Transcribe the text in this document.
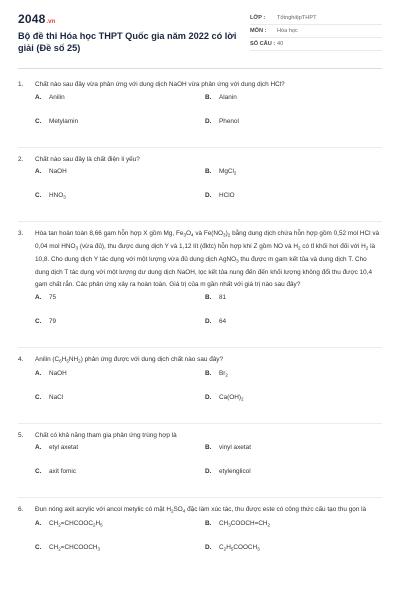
2048 .vn
Bộ đề thi Hóa học THPT Quốc gia năm 2022 có lời giải (Đề số 25)
LỚP :	TốtnghiệpTHPT
MÔN :	Hóa học
SỐ CÂU : 40
1.	Chất nào sau đây vừa phản ứng với dung dịch NaOH vừa phản ứng với dung dịch HCl?
A.	Anilin	B.	Alanin
C.	Metylamin	D.	Phenol
2.	Chất nào sau đây là chất điện li yếu?
A.	NaOH	B.	MgCl$_2$
C.	$HNO_3$	D.	HClO
3.	Hòa tan hoàn toàn 8,66 gam hỗn hợp X gồm Mg, $Fe_3O_4$ và $Fe(NO_3)_2$ bằng dung dịch chứa hỗn hợp gồm 0,52 mol HCl và 0,04 mol $HNO_3$ (vừa đủ), thu được dung dịch Y và 1,12 lít (đktc) hỗn hợp khí Z gồm NO và $H_2$ có tỉ khối hơi đối với $H_2$ là 10,8. Cho dung dịch Y tác dụng với một lượng vừa đủ dung dịch AgNO$_3$ thu được m gam kết tủa và dung dịch T. Cho dung dịch T tác dụng với một lượng dư dung dịch NaOH, lọc kết tủa nung đến đến khối lượng không đổi thu được 10,4 gam chất rắn. Các phản ứng xảy ra hoàn toàn. Giá trị của m gần nhất với giá trị nào sau đây?
A.	75	B.	81
C.	79	D.	64
4.	Anilin $(C_6H_5NH_2)$ phản ứng được với dung dịch chất nào sau đây?
A.	NaOH	B.	$Br_2$
C.	NaCl	D.	$Ca(OH)_2$
5.	Chất có khả năng tham gia phản ứng trùng hợp là
A.	etyl axetat	B.	vinyl axetat
C.	axit fomic	D.	etylenglicol
6.	Đun nóng axit acrylic với ancol metylic có mặt $H_2SO_4$ đặc làm xúc tác, thu được este có công thức cấu tạo thu gọn là
A.	$CH_2=CHCOOC_2H_5$	B.	$CH_3COOCH=CH_2$
C.	$CH_2=CHCOOCH_3$	D.	$C_2H_5COOCH_3$
